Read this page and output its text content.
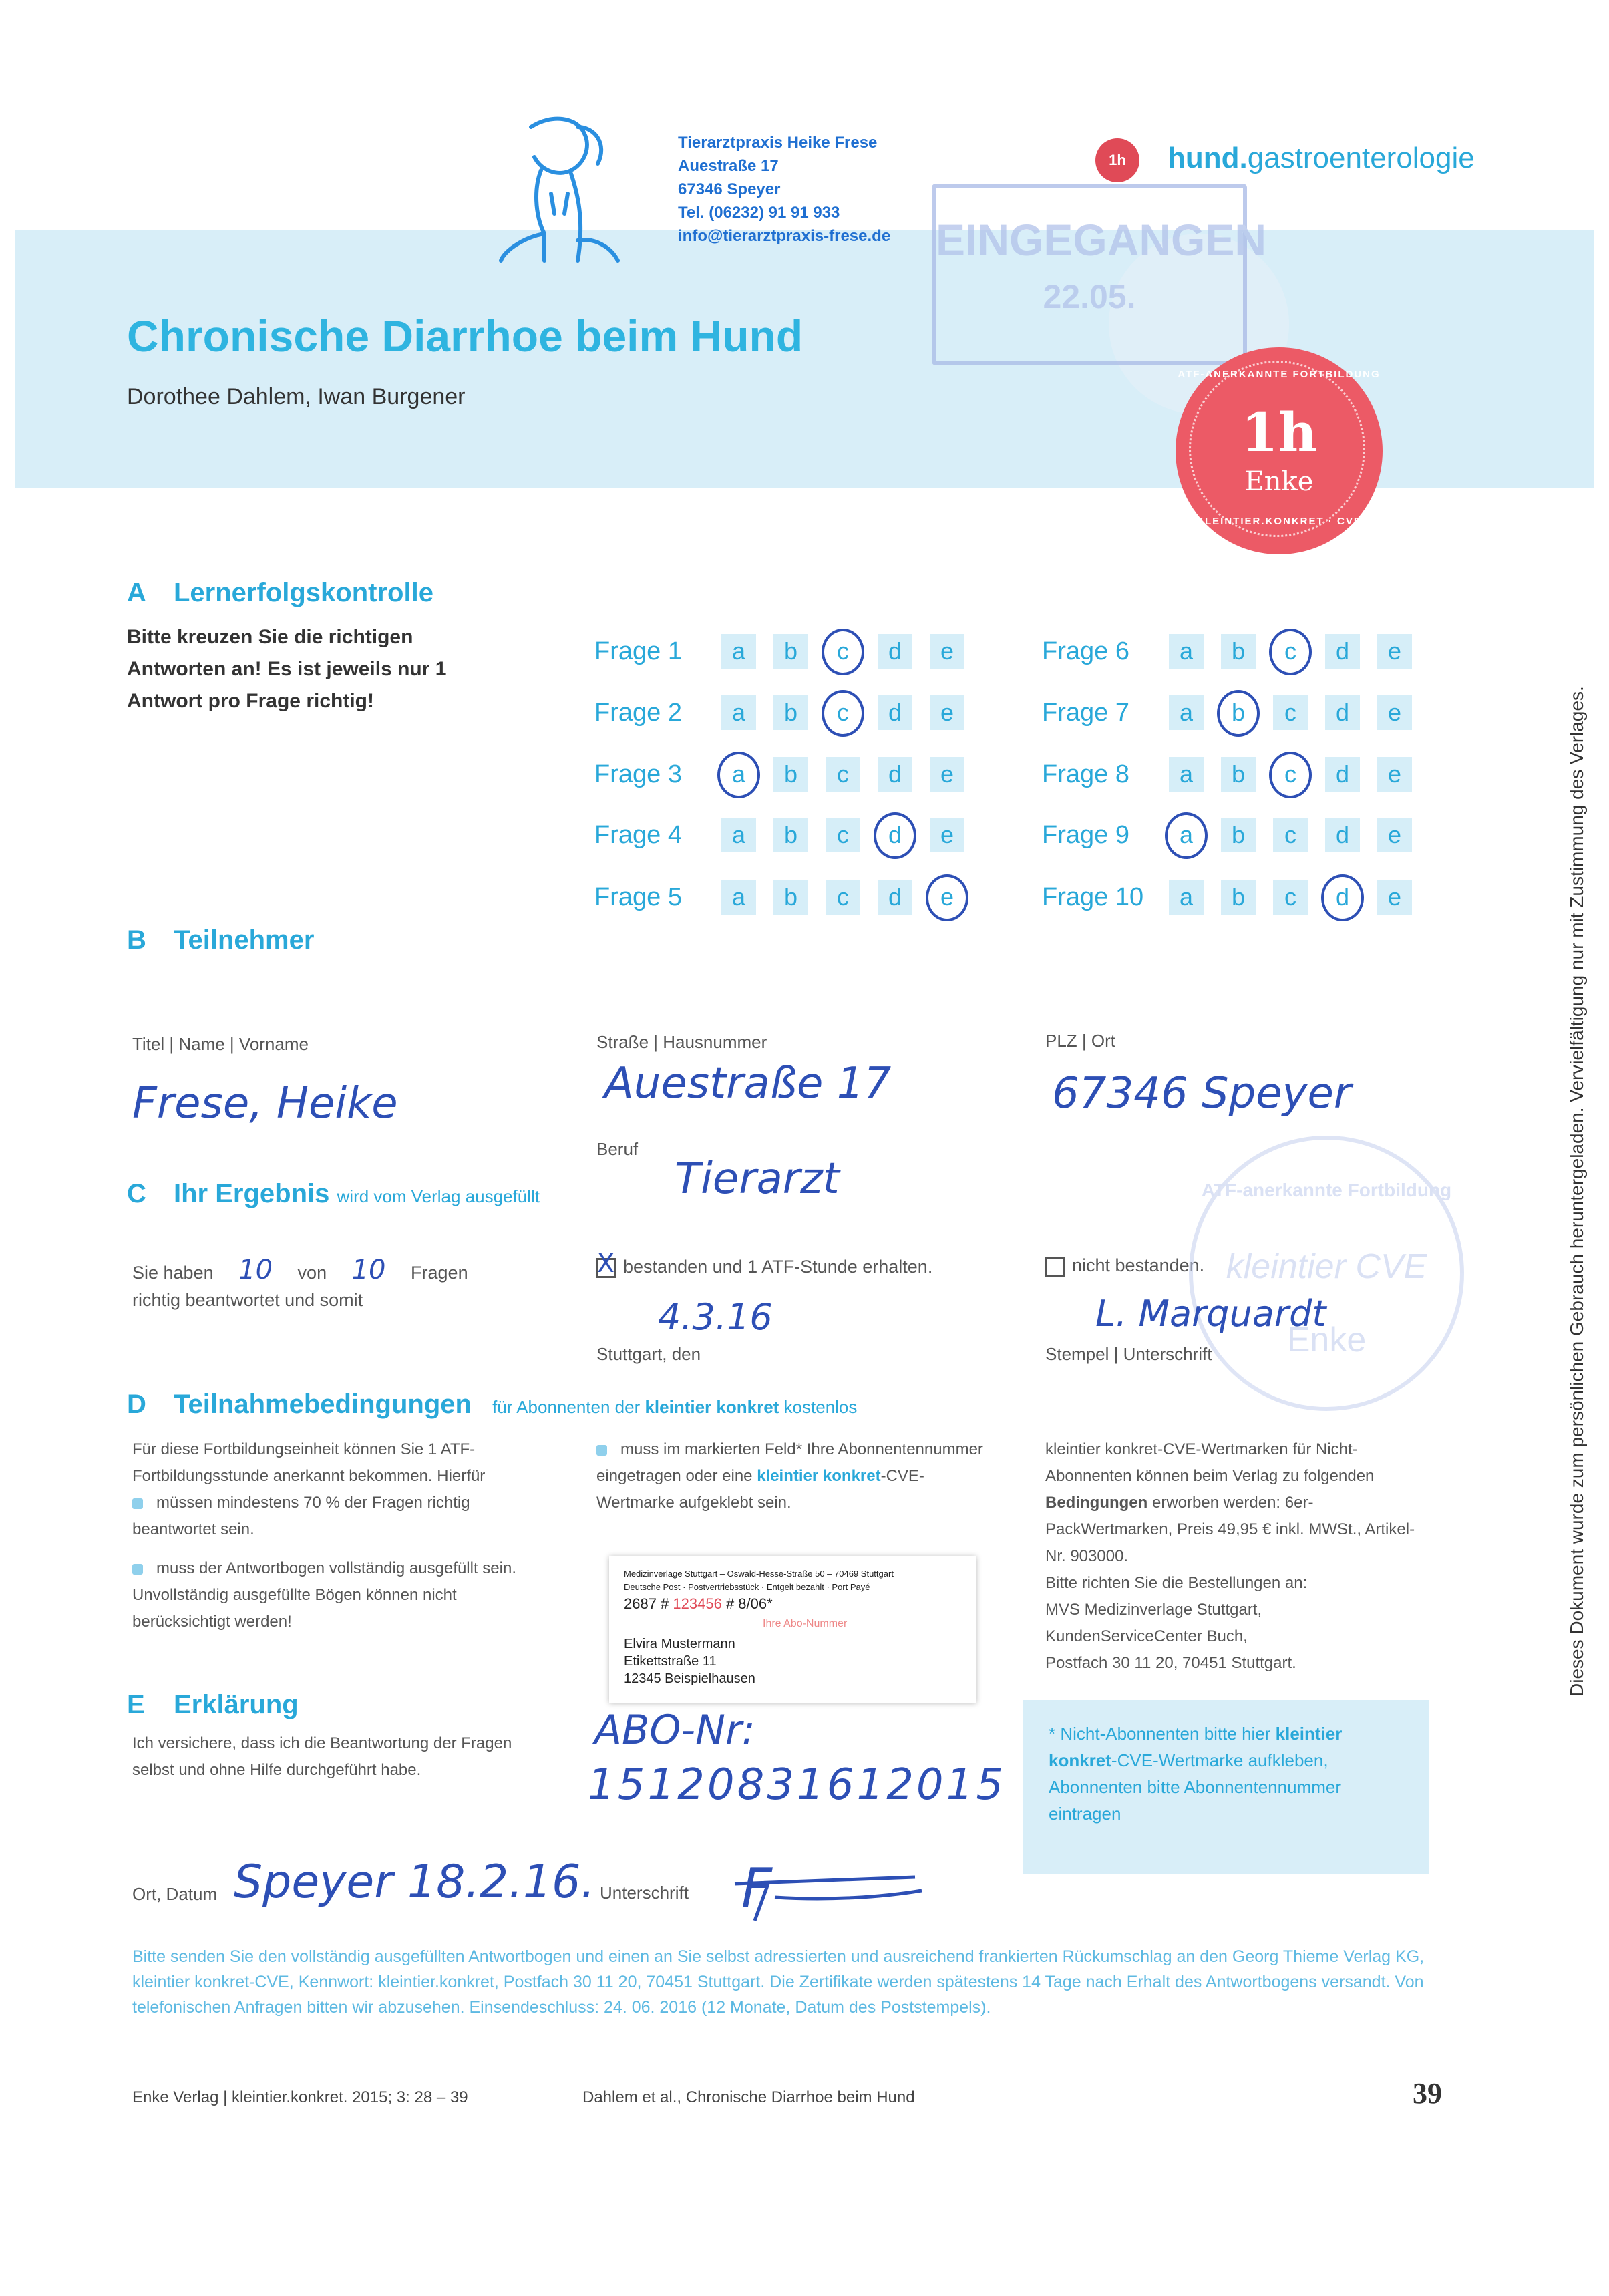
Tierarztpraxis Heike Frese
Auestraße 17
67346 Speyer
Tel. (06232) 91 91 933
info@tierarztpraxis-frese.de
1h	hund.gastroenterologie
EINGEGANGEN
22.05.
Chronische Diarrhoe beim Hund
Dorothee Dahlem, Iwan Burgener
ATF-ANERKANNTE FORTBILDUNG
1h
Enke
KLEINTIER.KONKRET · CVE
A Lernerfolgskontrolle
Bitte kreuzen Sie die richtigen Antworten an! Es ist jeweils nur 1 Antwort pro Frage richtig!
Frage 1	a	b	c	d	e
Frage 2	a	b	c	d	e
Frage 3	a	b	c	d	e
Frage 4	a	b	c	d	e
Frage 5	a	b	c	d	e
Frage 6	a	b	c	d	e
Frage 7	a	b	c	d	e
Frage 8	a	b	c	d	e
Frage 9	a	b	c	d	e
Frage 10	a	b	c	d	e
B Teilnehmer
Titel | Name | Vorname
Frese, Heike
Straße | Hausnummer
Auestraße 17
PLZ | Ort
67346 Speyer
Beruf
Tierarzt
C Ihr Ergebnis wird vom Verlag ausgefüllt
Sie haben 10 von 10 Fragen
richtig beantwortet und somit
X bestanden und 1 ATF-Stunde erhalten.	nicht bestanden.
4.3.16
Stuttgart, den
ATF-anerkannte Fortbildung
kleintier CVE
Enke
L. Marquardt
Stempel | Unterschrift
D Teilnahmebedingungen für Abonnenten der kleintier konkret kostenlos
Für diese Fortbildungseinheit können Sie 1 ATF-Fortbildungsstunde anerkannt bekommen. Hierfür
müssen mindestens 70 % der Fragen richtig beantwortet sein.
muss der Antwortbogen vollständig ausgefüllt sein. Unvollständig ausgefüllte Bögen können nicht berücksichtigt werden!
muss im markierten Feld* Ihre Abonnentennummer eingetragen oder eine kleintier konkret-CVE-Wertmarke aufgeklebt sein.
Medizinverlage Stuttgart – Oswald-Hesse-Straße 50 – 70469 Stuttgart
Deutsche Post · Postvertriebsstück · Entgelt bezahlt · Port Payé
2687 # 123456 # 8/06*
Ihre Abo-Nummer
Elvira Mustermann
Etikettstraße 11
12345 Beispielhausen
kleintier konkret-CVE-Wertmarken für Nicht-Abonnenten können beim Verlag zu folgenden Bedingungen erworben werden: 6er-PackWertmarken, Preis 49,95 € inkl. MWSt., Artikel-Nr. 903000.
Bitte richten Sie die Bestellungen an:
MVS Medizinverlage Stuttgart,
KundenServiceCenter Buch,
Postfach 30 11 20, 70451 Stuttgart.
E Erklärung
Ich versichere, dass ich die Beantwortung der Fragen selbst und ohne Hilfe durchgeführt habe.
ABO-Nr:
15120831612015
* Nicht-Abonnenten bitte hier kleintier konkret-CVE-Wertmarke aufkleben, Abonnenten bitte Abonnentennummer eintragen
Ort, Datum Speyer 18.2.16. Unterschrift F
Bitte senden Sie den vollständig ausgefüllten Antwortbogen und einen an Sie selbst adressierten und ausreichend frankierten Rückumschlag an den Georg Thieme Verlag KG, kleintier konkret-CVE, Kennwort: kleintier.konkret, Postfach 30 11 20, 70451 Stuttgart. Die Zertifikate werden spätestens 14 Tage nach Erhalt des Antwortbogens versandt. Von telefonischen Anfragen bitten wir abzusehen. Einsendeschluss: 24. 06. 2016 (12 Monate, Datum des Poststempels).
Enke Verlag | kleintier.konkret. 2015; 3: 28 – 39	Dahlem et al., Chronische Diarrhoe beim Hund	39
Dieses Dokument wurde zum persönlichen Gebrauch heruntergeladen. Vervielfältigung nur mit Zustimmung des Verlages.
